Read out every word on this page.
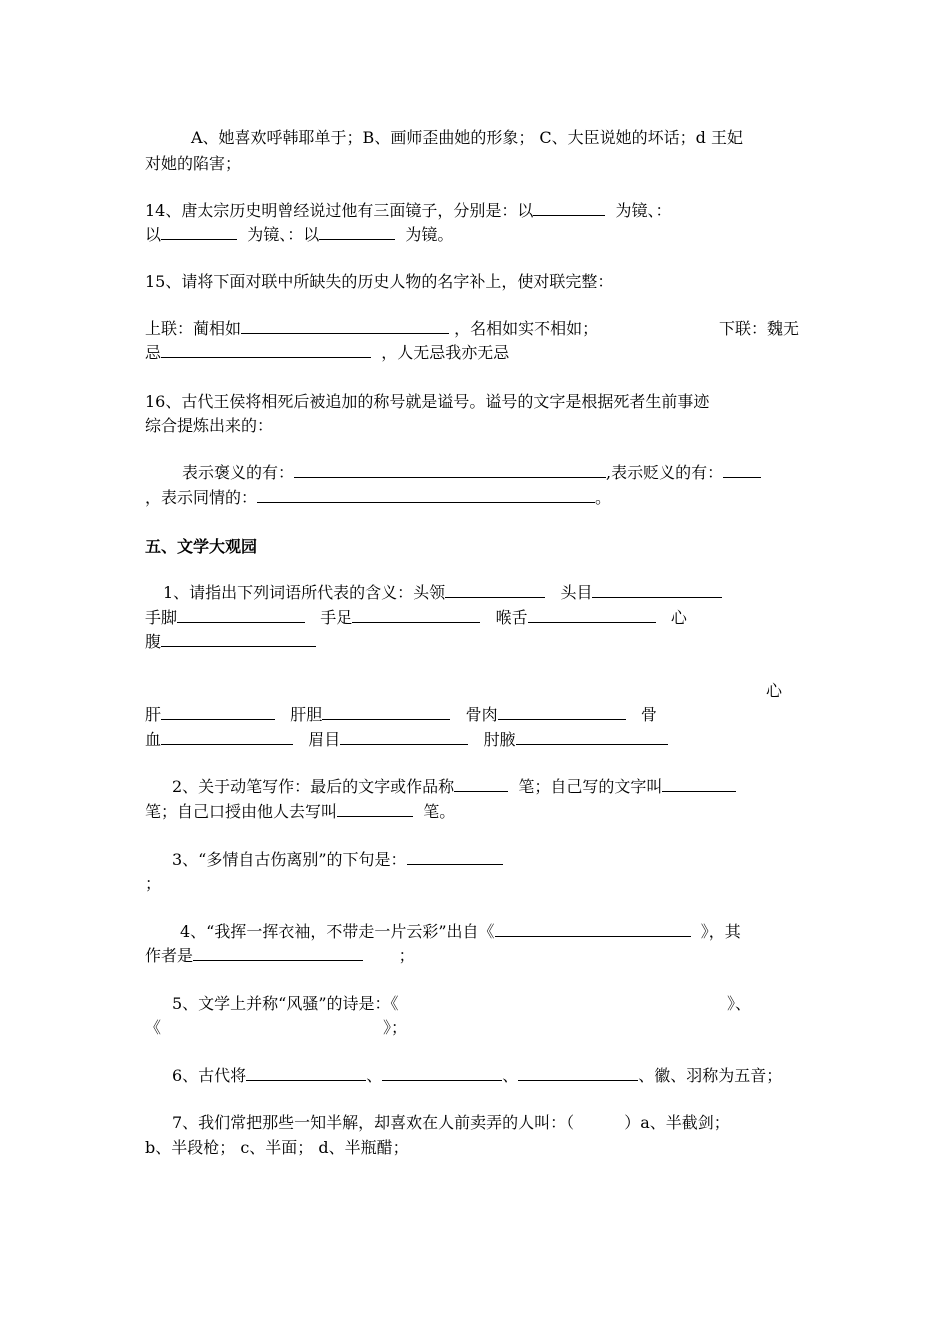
A、她喜欢呼韩耶单于；B、画师歪曲她的形象； C、大臣说她的坏话；d 王妃
对她的陷害；
14、唐太宗历史明曾经说过他有三面镜子，分别是：以	为镜、：
以	为镜、：以	为镜。
15、请将下面对联中所缺失的历史人物的名字补上，使对联完整：
上联：蔺相如	，名相如实不相如；	下联：魏无
忌	，人无忌我亦无忌
16、古代王侯将相死后被追加的称号就是谥号。谥号的文字是根据死者生前事迹
综合提炼出来的：
表示褒义的有：	,表示贬义的有：
，表示同情的：	。
五、文学大观园
1、请指出下列词语所代表的含义：头领	头目
手脚	手足	喉舌	心
腹
心
肝	肝胆	骨肉	骨
血	眉目	肘腋
2、关于动笔写作：最后的文字或作品称	笔；自己写的文字叫
笔；自己口授由他人去写叫	笔。
3、“多情自古伤离别”的下句是：
；
4、“我挥一挥衣袖，不带走一片云彩”出自《	》，其
作者是	；
5、文学上并称“风骚”的诗是：《	》、
《	》；
6、古代将	、	、	、徽、羽称为五音；
7、我们常把那些一知半解，却喜欢在人前卖弄的人叫：（	）a、半截剑；
b、半段枪； c、半面； d、半瓶醋；
